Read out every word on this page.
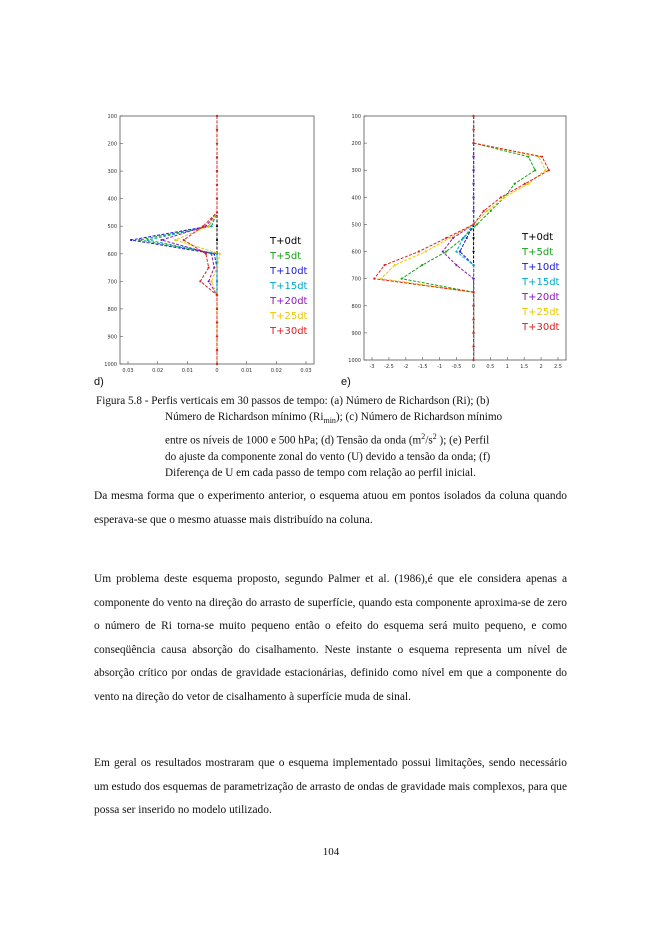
100
200
300
400
500
600
700
800
900
1000
0.03	0.02	0.01	0	0.01	0.02	0.03
T+0dt
T+5dt
T+10dt
T+15dt
T+20dt
T+25dt
T+30dt
d)
100
200
300
400
500
600
700
800
900
1000
-3 -2.5 -2 -1.5 -1 -0.5 0 0.5 1 1.5 2 2.5
T+0dt
T+5dt
T+10dt
T+15dt
T+20dt
T+25dt
T+30dt
e)
Figura 5.8 - Perfis verticais em 30 passos de tempo: (a) Número de Richardson (Ri); (b)
Número de Richardson mínimo $(Ri_{min})$; (c) Número de Richardson mínimo
entre os níveis de 1000 e 500 hPa; (d) Tensão da onda ($m^2/s^2$ ); (e) Perfil
do ajuste da componente zonal do vento (U) devido a tensão da onda; (f)
Diferença de U em cada passo de tempo com relação ao perfil inicial.

Da mesma forma que o experimento anterior, o esquema atuou em pontos isolados da coluna quando esperava-se que o mesmo atuasse mais distribuído na coluna.

Um problema deste esquema proposto, segundo Palmer et al. (1986),é que ele considera apenas a componente do vento na direção do arrasto de superfície, quando esta componente aproxima-se de zero o número de Ri torna-se muito pequeno então o efeito do esquema será muito pequeno, e como conseqüência causa absorção do cisalhamento. Neste instante o esquema representa um nível de absorção crítico por ondas de gravidade estacionárias, definido como nível em que a componente do vento na direção do vetor de cisalhamento à superfície muda de sinal.

Em geral os resultados mostraram que o esquema implementado possui limitações, sendo necessário um estudo dos esquemas de parametrização de arrasto de ondas de gravidade mais complexos, para que possa ser inserido no modelo utilizado.

104
